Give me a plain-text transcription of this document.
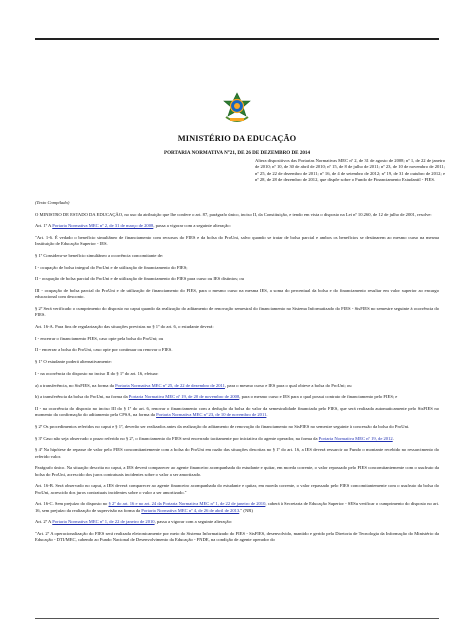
MINISTÉRIO DA EDUCAÇÃO
PORTARIA NORMATIVA N°21, DE 26 DE DEZEMBRO DE 2014
Altera dispositivos das Portarias Normativas MEC nº 2, de 31 de agosto de 2008; nº 1, de 22 de janeiro de 2010; nº 10, de 30 de abril de 2010; nº 15, de 8 de julho de 2011; nº 23, de 10 de novembro de 2011; nº 25, de 22 de dezembro de 2011; nº 16, de 4 de setembro de 2012; nº 19, de 31 de outubro de 2012; e nº 28, de 28 de dezembro de 2012, que dispõe sobre o Fundo de Financiamento Estudantil - FIES.

(Texto Compilado)

O MINISTRO DE ESTADO DA EDUCAÇÃO, no uso da atribuição que lhe confere o art. 87, parágrafo único, inciso II, da Constituição, e tendo em vista o disposto na Lei nº 10.260, de 12 de julho de 2001, resolve:

Art. 1º A Portaria Normativa MEC nº 2, de 31 de março de 2008, passa a vigorar com a seguinte alteração:

"Art. 1-6. É vedado o benefício simultâneo de financiamento com recursos do FIES e da bolsa do ProUni, salvo quando se tratar de bolsa parcial e ambos os benefícios se destinarem ao mesmo curso na mesma Instituição de Educação Superior - IES.

§ 1º Considera-se benefício simultâneo a ocorrência concomitante de:

I - ocupação de bolsa integral do ProUni e de utilização de financiamento do FIES;

II - ocupação de bolsa parcial do ProUni e de utilização de financiamento do FIES para curso ou IES distintos; ou

III - ocupação de bolsa parcial do ProUni e de utilização de financiamento do FIES, para o mesmo curso na mesma IES, a soma do percentual da bolsa e do financiamento resultar em valor superior ao encargo educacional com desconto.

§ 2º Será verificado o cumprimento do disposto no caput quando da realização do aditamento de renovação semestral do financiamento no Sistema Informatizado do FIES - SisFIES no semestre seguinte à ocorrência do FIES.

Art. 16-A. Para fins de regularização das situações previstas no § 1º do art. 6, o estudante deverá:

I - encerrar o financiamento FIES, caso opte pela bolsa do ProUni; ou

II - encerrar a bolsa do ProUni, caso opte por continuar ou renovar o FIES.

§ 1º O estudante poderá alternativamente:

I - na ocorrência do disposto no inciso II do § 1º do art. 16, efetuar:

a) a transferência, no SisFIES, na forma da Portaria Normativa MEC nº 25, de 22 de dezembro de 2011, para o mesmo curso e IES para o qual obteve a bolsa do ProUni; ou

b) a transferência da bolsa do ProUni, na forma da Portaria Normativa MEC nº 19, de 20 de novembro de 2008, para o mesmo curso e IES para o qual possui contrato de financiamento pelo FIES; e

II - na ocorrência do disposto no inciso III do § 1º do art. 6, renovar o financiamento com a dedução da bolsa do valor da semestralidade financiada pelo FIES, que será realizada automaticamente pelo SisFIES no momento da confirmação do aditamento pela CPSA, na forma da Portaria Normativa MEC nº 23, de 10 de novembro de 2011.

§ 2º Os procedimentos referidos no caput e § 1º, deverão ser realizados antes da realização do aditamento de renovação do financiamento no SisFIES no semestre seguinte à concessão da bolsa do ProUni.

§ 3º Caso não seja observado o prazo referido no § 2º, o financiamento do FIES será encerrado tacitamente por iniciativa do agente operador, na forma da Portaria Normativa MEC nº 19, de 2012.

§ 4º Na hipótese de repasse de valor pelo FIES concomitantemente com a bolsa do ProUni em razão das situações descritas no § 1º do art. 16, a IES deverá ressarcir ao Fundo o montante recebido no ressarcimento do referido valor.

Parágrafo único. Na situação descrita no caput, a IES deverá comparecer ao agente financeiro acompanhada do estudante e quitar, em moeda corrente, o valor repassado pelo FIES concomitantemente com o usufruto da bolsa do ProUni, acrescido dos juros contratuais incidentes sobre o valor a ser amortizado.

Art. 16-B. Será observado no caput, a IES deverá comparecer ao agente financeiro acompanhada do estudante e quitar, em moeda corrente, o valor repassado pelo FIES concomitantemente com o usufruto da bolsa do ProUni, acrescido dos juros contratuais incidentes sobre o valor a ser amortizado."

Art. 16-C. Sem prejuízo do disposto no § 2º do art. 16 e no art. 24 da Portaria Normativa MEC nº 1, de 22 de janeiro de 2010, caberá à Secretaria de Educação Superior - SESu verificar o cumprimento do disposto no art. 16, sem prejuízo da realização de supervisão na forma da Portaria Normativa MEC nº 4, de 26 de abril de 2013." (NR)

Art. 2º A Portaria Normativa MEC nº 1, de 22 de janeiro de 2010, passa a vigorar com a seguinte alteração:

"Art. 2º A operacionalização do FIES será realizada eletronicamente por meio do Sistema Informatizado do FIES - SisFIES, desenvolvido, mantido e gerido pela Diretoria de Tecnologia da Informação do Ministério da Educação - DTI/MEC, cabendo ao Fundo Nacional de Desenvolvimento da Educação - FNDE, na condição de agente operador do
